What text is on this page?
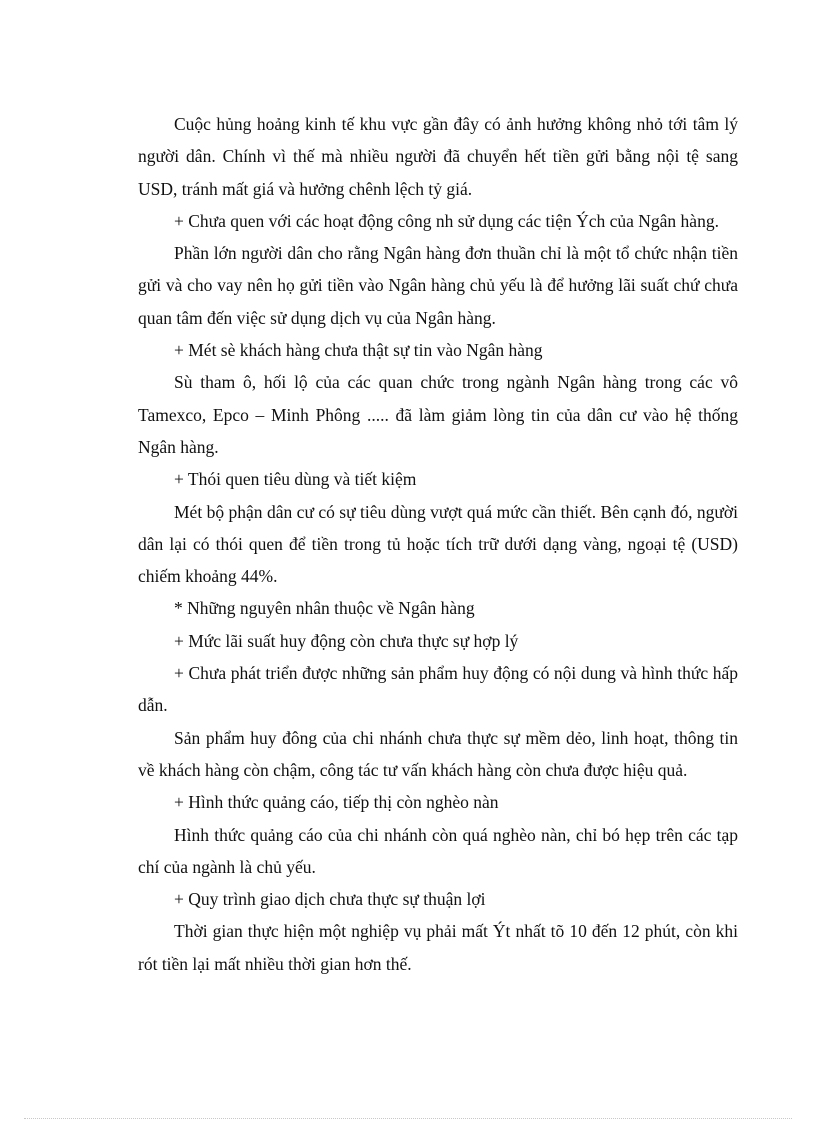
Cuộc hủng hoảng kinh tế khu vực gần đây có ảnh hưởng không nhỏ tới tâm lý người dân. Chính vì thế mà nhiều người đã chuyển hết tiền gửi bằng nội tệ sang USD, tránh mất giá và hưởng chênh lệch tỷ giá.

+ Chưa quen với các hoạt động công nh sử dụng các tiện Ých của Ngân hàng.

Phần lớn người dân cho rằng Ngân hàng đơn thuần chỉ là một tổ chức nhận tiền gửi và cho vay nên họ gửi tiền vào Ngân hàng chủ yếu là để hưởng lãi suất chứ chưa quan tâm đến việc sử dụng dịch vụ của Ngân hàng.

+ Mét sè khách hàng chưa thật sự tin vào Ngân hàng

Sù tham ô, hối lộ của các quan chức trong ngành Ngân hàng trong các vô Tamexco, Epco – Minh Phông ..... đã làm giảm lòng tin của dân cư vào hệ thống Ngân hàng.

+ Thói quen tiêu dùng và tiết kiệm

Mét bộ phận dân cư có sự tiêu dùng vượt quá mức cần thiết. Bên cạnh đó, người dân lại có thói quen để tiền trong tủ hoặc tích trữ dưới dạng vàng, ngoại tệ (USD) chiếm khoảng 44%.

* Những nguyên nhân thuộc về Ngân hàng

+ Mức lãi suất huy động còn chưa thực sự hợp lý

+ Chưa phát triển được những sản phẩm huy động có nội dung và hình thức hấp dẫn.

Sản phẩm huy đông của chi nhánh chưa thực sự mềm dẻo, linh hoạt, thông tin về khách hàng còn chậm, công tác tư vấn khách hàng còn chưa được hiệu quả.

+ Hình thức quảng cáo, tiếp thị còn nghèo nàn

Hình thức quảng cáo của chi nhánh còn quá nghèo nàn, chỉ bó hẹp trên các tạp chí của ngành là chủ yếu.

+ Quy trình giao dịch chưa thực sự thuận lợi

Thời gian thực hiện một nghiệp vụ phải mất Ýt nhất tõ 10 đến 12 phút, còn khi rót tiền lại mất nhiều thời gian hơn thế.
